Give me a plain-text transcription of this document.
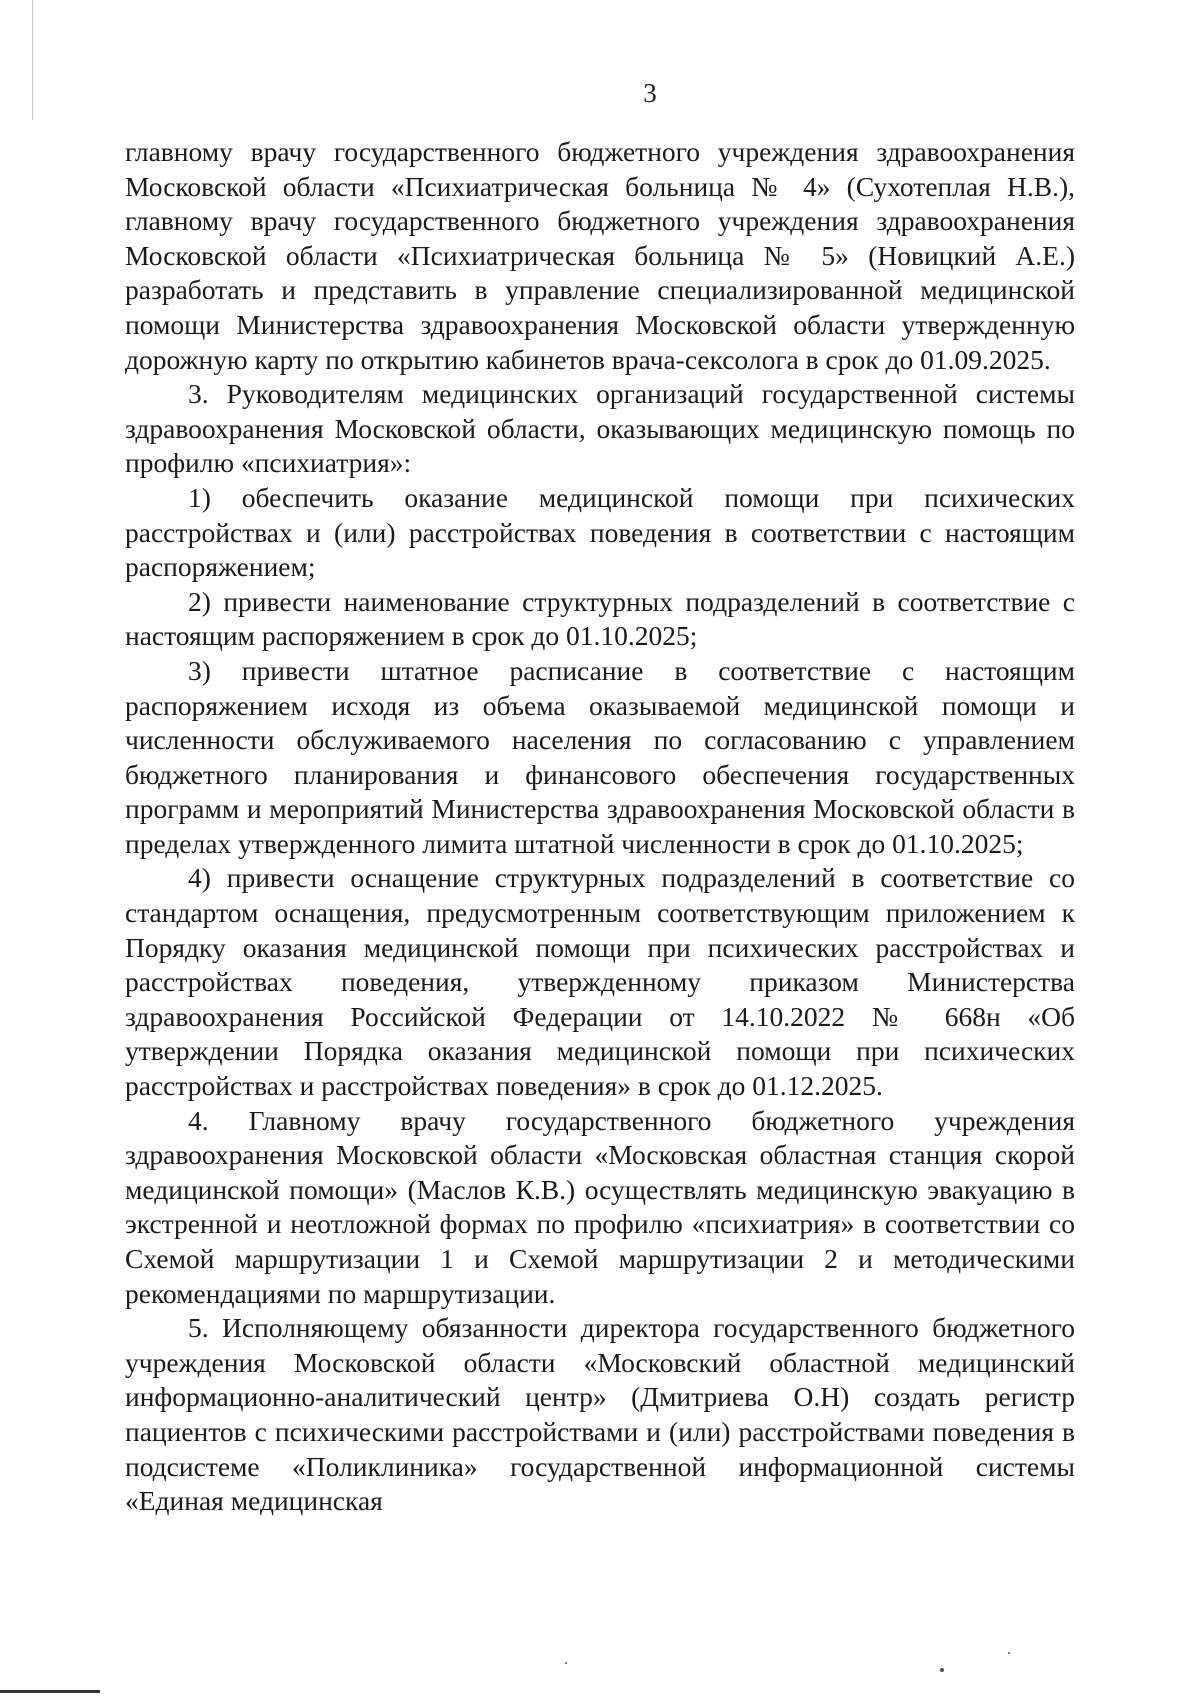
3

главному врачу государственного бюджетного учреждения здравоохранения Московской области «Психиатрическая больница № 4» (Сухотеплая Н.В.), главному врачу государственного бюджетного учреждения здравоохранения Московской области «Психиатрическая больница № 5» (Новицкий А.Е.) разработать и представить в управление специализированной медицинской помощи Министерства здравоохранения Московской области утвержденную дорожную карту по открытию кабинетов врача-сексолога в срок до 01.09.2025.

3. Руководителям медицинских организаций государственной системы здравоохранения Московской области, оказывающих медицинскую помощь по профилю «психиатрия»:

1) обеспечить оказание медицинской помощи при психических расстройствах и (или) расстройствах поведения в соответствии с настоящим распоряжением;

2) привести наименование структурных подразделений в соответствие с настоящим распоряжением в срок до 01.10.2025;

3) привести штатное расписание в соответствие с настоящим распоряжением исходя из объема оказываемой медицинской помощи и численности обслуживаемого населения по согласованию с управлением бюджетного планирования и финансового обеспечения государственных программ и мероприятий Министерства здравоохранения Московской области в пределах утвержденного лимита штатной численности в срок до 01.10.2025;

4) привести оснащение структурных подразделений в соответствие со стандартом оснащения, предусмотренным соответствующим приложением к Порядку оказания медицинской помощи при психических расстройствах и расстройствах поведения, утвержденному приказом Министерства здравоохранения Российской Федерации от 14.10.2022 № 668н «Об утверждении Порядка оказания медицинской помощи при психических расстройствах и расстройствах поведения» в срок до 01.12.2025.

4. Главному врачу государственного бюджетного учреждения здравоохранения Московской области «Московская областная станция скорой медицинской помощи» (Маслов К.В.) осуществлять медицинскую эвакуацию в экстренной и неотложной формах по профилю «психиатрия» в соответствии со Схемой маршрутизации 1 и Схемой маршрутизации 2 и методическими рекомендациями по маршрутизации.

5. Исполняющему обязанности директора государственного бюджетного учреждения Московской области «Московский областной медицинский информационно-аналитический центр» (Дмитриева О.Н) создать регистр пациентов с психическими расстройствами и (или) расстройствами поведения в подсистеме «Поликлиника» государственной информационной системы «Единая медицинская
